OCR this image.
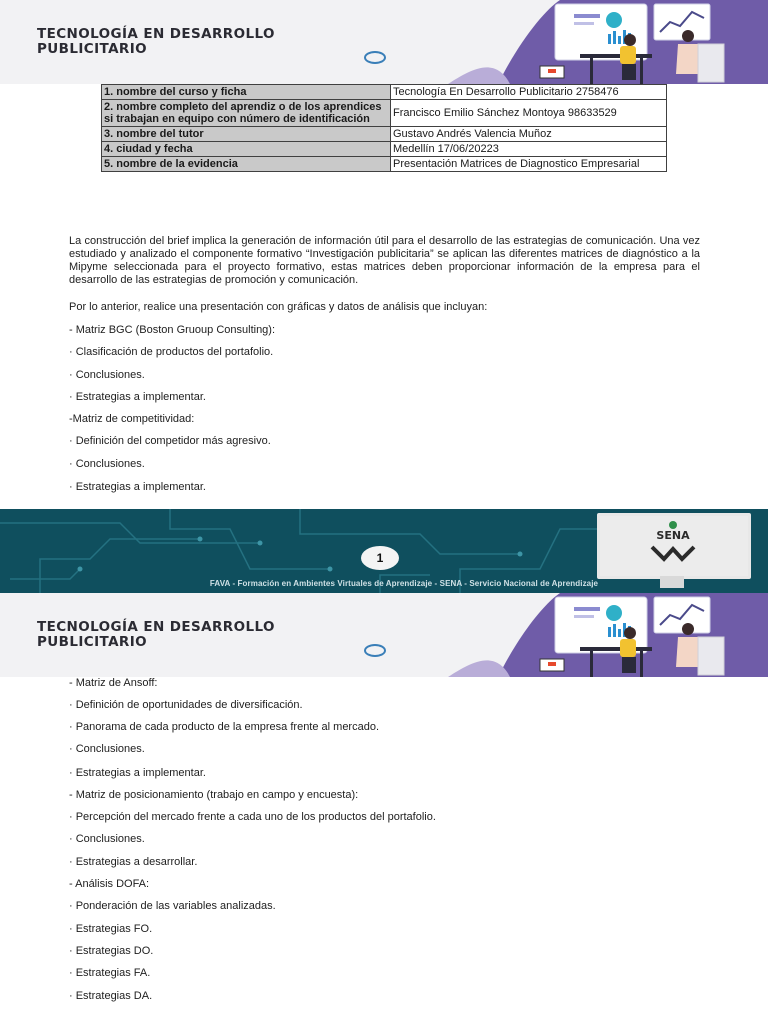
TECNOLOGÍA EN DESARROLLO
PUBLICITARIO
1. nombre del curso y ficha	Tecnología En Desarrollo Publicitario 2758476
2. nombre completo del aprendiz o de los aprendices si trabajan en equipo con número de identificación	Francisco Emilio Sánchez Montoya 98633529
3. nombre del tutor	Gustavo Andrés Valencia Muñoz
4. ciudad y fecha	Medellín 17/06/20223
5. nombre de la evidencia	Presentación Matrices de Diagnostico Empresarial
La construcción del brief implica la generación de información útil para el desarrollo de las estrategias de comunicación. Una vez estudiado y analizado el componente formativo “Investigación publicitaria” se aplican las diferentes matrices de diagnóstico a la Mipyme seleccionada para el proyecto formativo, estas matrices deben proporcionar información de la empresa para el desarrollo de las estrategias de promoción y comunicación.
Por lo anterior, realice una presentación con gráficas y datos de análisis que incluyan:
- Matriz BGC (Boston Gruoup Consulting):
· Clasificación de productos del portafolio.
· Conclusiones.
· Estrategias a implementar.
-Matriz de competitividad:
· Definición del competidor más agresivo.
· Conclusiones.
· Estrategias a implementar.
SENA
1
FAVA - Formación en Ambientes Virtuales de Aprendizaje - SENA - Servicio Nacional de Aprendizaje
TECNOLOGÍA EN DESARROLLO
PUBLICITARIO
- Matriz de Ansoff:
· Definición de oportunidades de diversificación.
· Panorama de cada producto de la empresa frente al mercado.
· Conclusiones.
· Estrategias a implementar.
- Matriz de posicionamiento (trabajo en campo y encuesta):
· Percepción del mercado frente a cada uno de los productos del portafolio.
· Conclusiones.
· Estrategias a desarrollar.
- Análisis DOFA:
· Ponderación de las variables analizadas.
· Estrategias FO.
· Estrategias DO.
· Estrategias FA.
· Estrategias DA.
